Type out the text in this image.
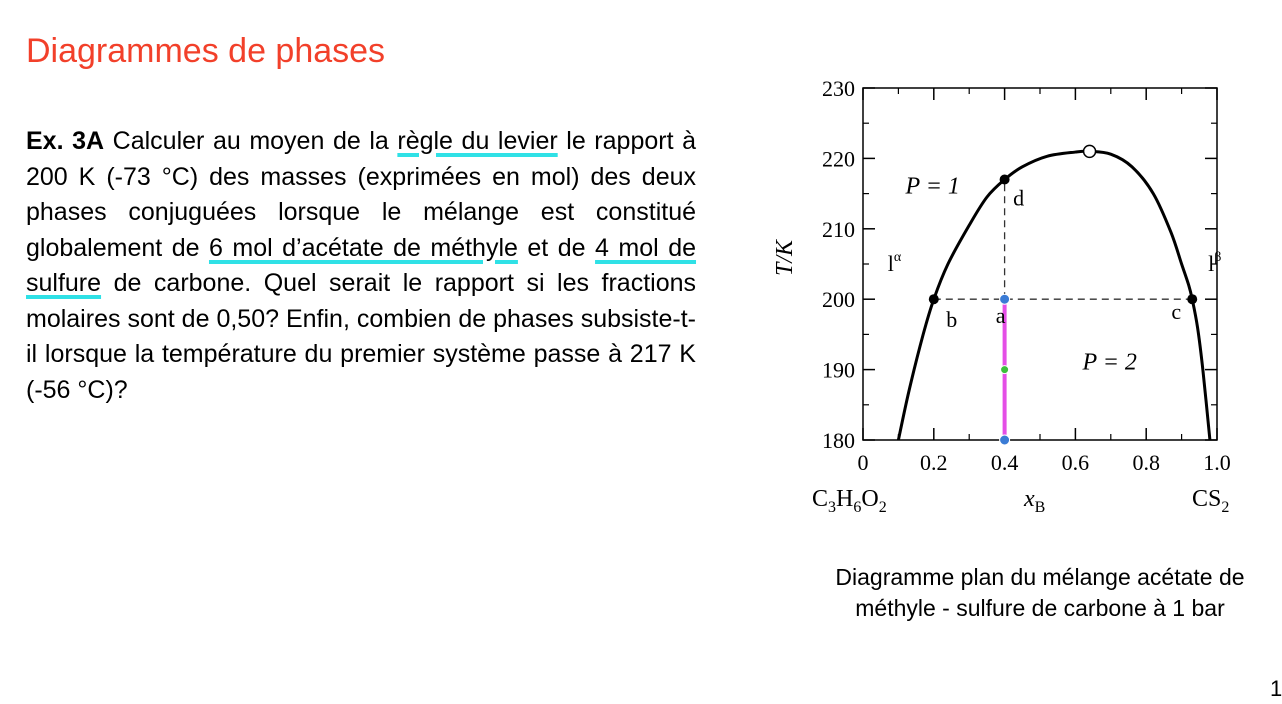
Diagrammes de phases

Ex. 3A Calculer au moyen de la règle du levier le rapport à 200 K (-73 °C) des masses (exprimées en mol) des deux phases conjuguées lorsque le mélange est constitué globalement de 6 mol d’acétate de méthyle et de 4 mol de sulfure de carbone. Quel serait le rapport si les fractions molaires sont de 0,50? Enfin, combien de phases subsiste-t-il lorsque la température du premier système passe à 217 K (-56 °C)?

0 0.2 0.4 0.6 0.8 1.0
180
190
200
210
220
230
b	c
d
a
P = 1
P = 2
$l^\alpha$	$l^\beta$
T/K
$C_3H_6O_2$	$x_B$	$CS_2$
Diagramme plan du mélange acétate de méthyle - sulfure de carbone à 1 bar
1
